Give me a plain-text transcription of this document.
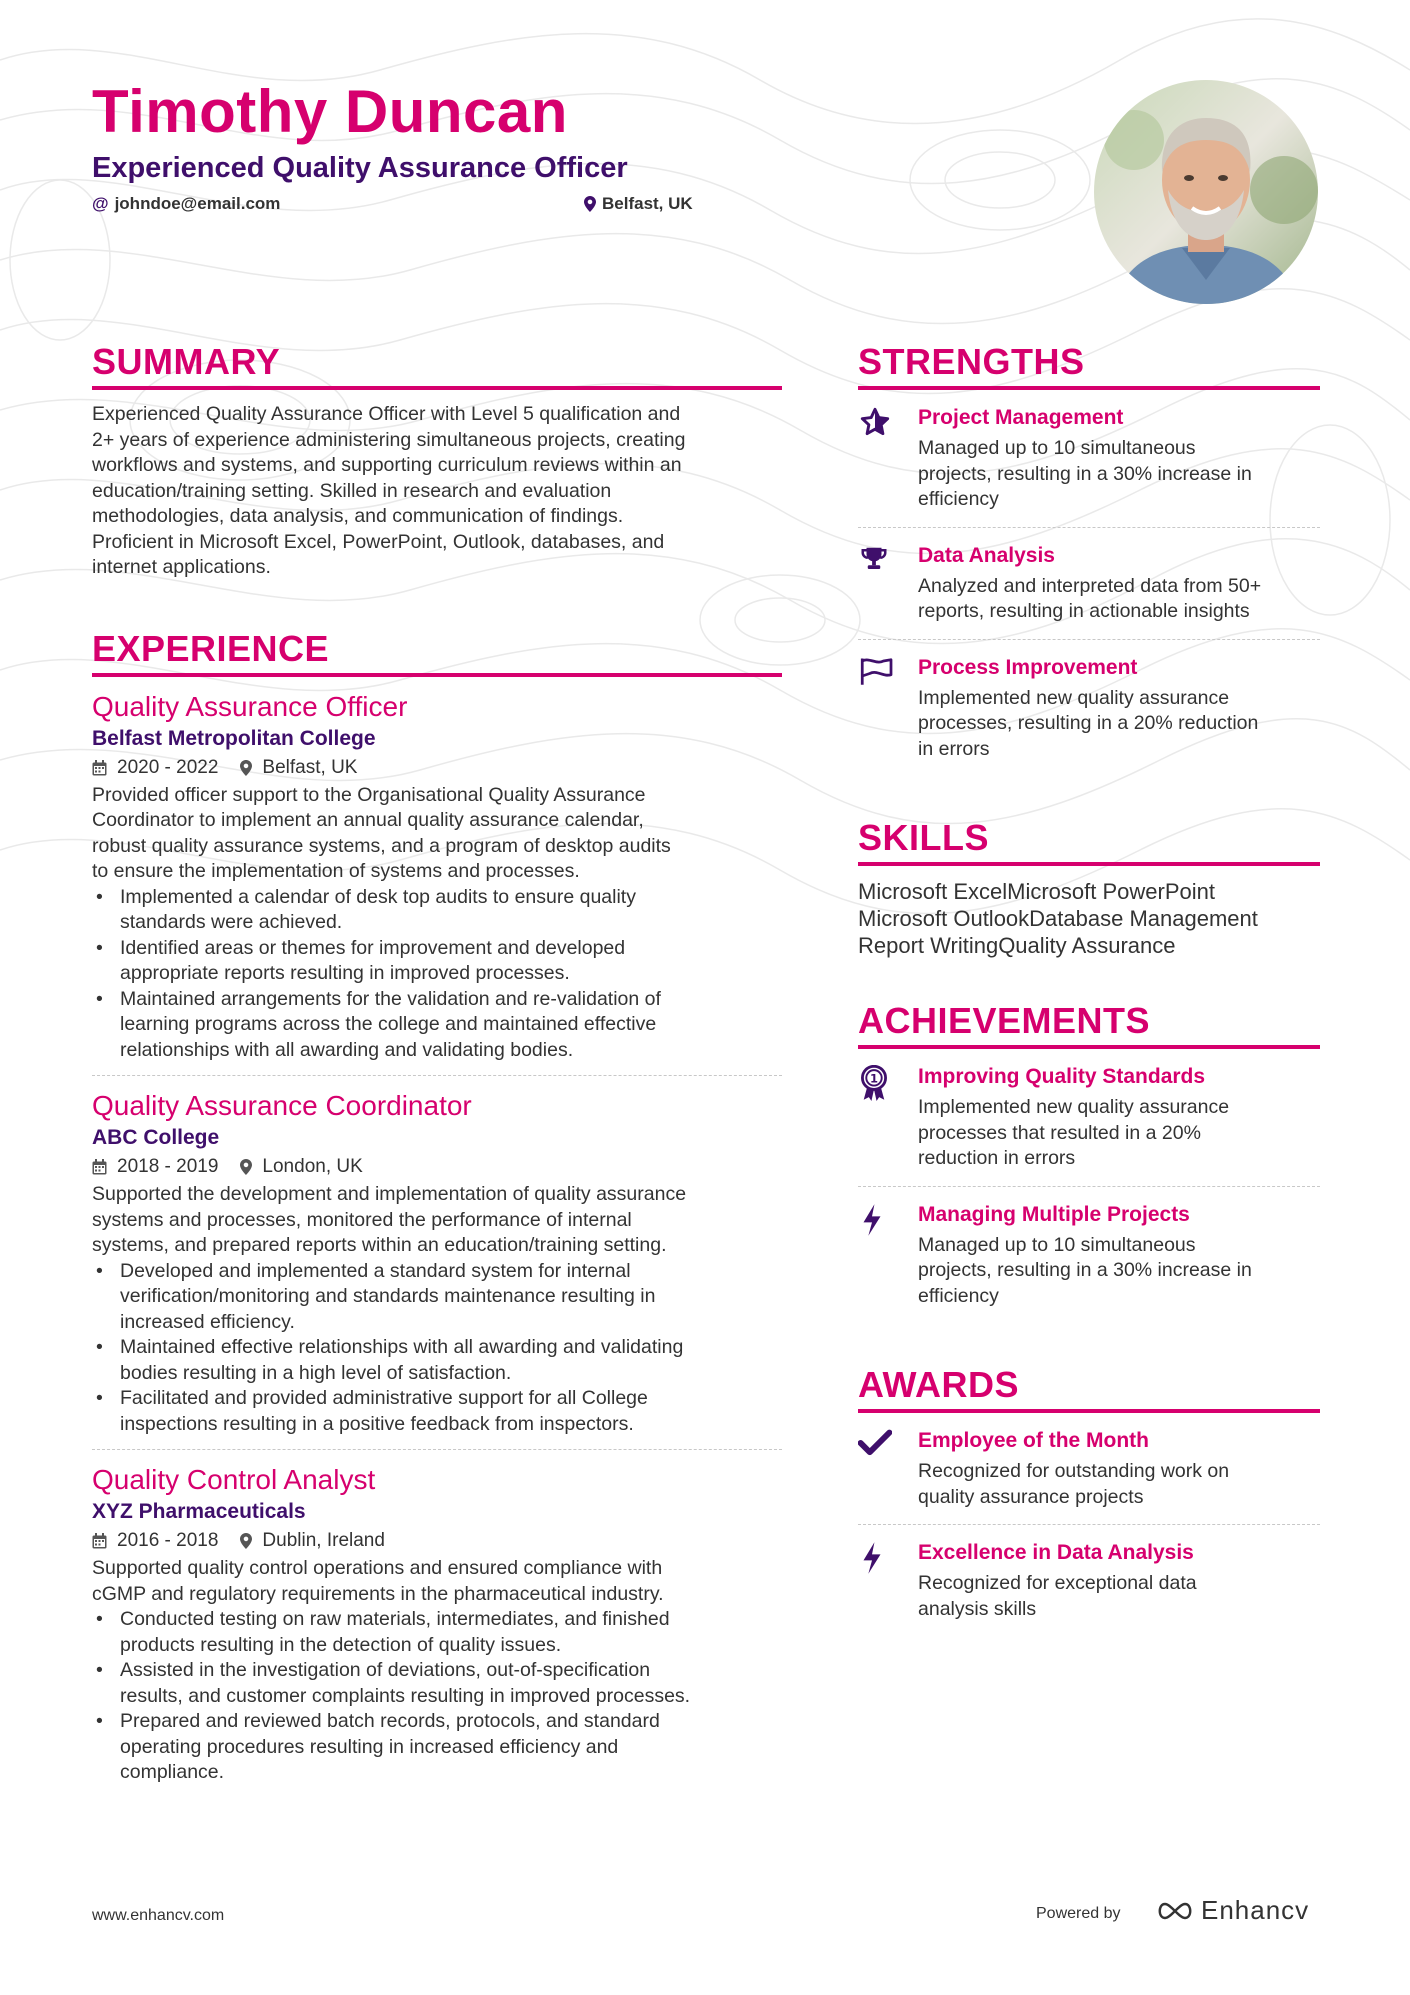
Timothy Duncan
Experienced Quality Assurance Officer
@ johndoe@email.com	Belfast, UK
SUMMARY

Experienced Quality Assurance Officer with Level 5 qualification and
2+ years of experience administering simultaneous projects, creating
workflows and systems, and supporting curriculum reviews within an
education/training setting. Skilled in research and evaluation
methodologies, data analysis, and communication of findings.
Proficient in Microsoft Excel, PowerPoint, Outlook, databases, and
internet applications.

EXPERIENCE

Quality Assurance Officer

Belfast Metropolitan College

2020 - 2022 Belfast, UK

Provided officer support to the Organisational Quality Assurance
Coordinator to implement an annual quality assurance calendar,
robust quality assurance systems, and a program of desktop audits
to ensure the implementation of systems and processes.

• Implemented a calendar of desk top audits to ensure quality
standards were achieved.
• Identified areas or themes for improvement and developed
appropriate reports resulting in improved processes.
• Maintained arrangements for the validation and re-validation of
learning programs across the college and maintained effective
relationships with all awarding and validating bodies.

Quality Assurance Coordinator

ABC College

2018 - 2019 London, UK

Supported the development and implementation of quality assurance
systems and processes, monitored the performance of internal
systems, and prepared reports within an education/training setting.

• Developed and implemented a standard system for internal
verification/monitoring and standards maintenance resulting in
increased efficiency.
• Maintained effective relationships with all awarding and validating
bodies resulting in a high level of satisfaction.
• Facilitated and provided administrative support for all College
inspections resulting in a positive feedback from inspectors.

Quality Control Analyst

XYZ Pharmaceuticals

2016 - 2018 Dublin, Ireland

Supported quality control operations and ensured compliance with
cGMP and regulatory requirements in the pharmaceutical industry.

• Conducted testing on raw materials, intermediates, and finished
products resulting in the detection of quality issues.
• Assisted in the investigation of deviations, out-of-specification
results, and customer complaints resulting in improved processes.
• Prepared and reviewed batch records, protocols, and standard
operating procedures resulting in increased efficiency and
compliance.
STRENGTHS

Project Management

Managed up to 10 simultaneous
projects, resulting in a 30% increase in
efficiency

Data Analysis

Analyzed and interpreted data from 50+
reports, resulting in actionable insights

Process Improvement

Implemented new quality assurance
processes, resulting in a 20% reduction
in errors

SKILLS
Microsoft ExcelMicrosoft PowerPoint
Microsoft OutlookDatabase Management
Report WritingQuality Assurance
ACHIEVEMENTS
1 Improving Quality Standards

Implemented new quality assurance
processes that resulted in a 20%
reduction in errors

Managing Multiple Projects

Managed up to 10 simultaneous
projects, resulting in a 30% increase in
efficiency

AWARDS

Employee of the Month

Recognized for outstanding work on
quality assurance projects

Excellence in Data Analysis

Recognized for exceptional data
analysis skills

www.enhancv.com	Powered by	Enhancv
